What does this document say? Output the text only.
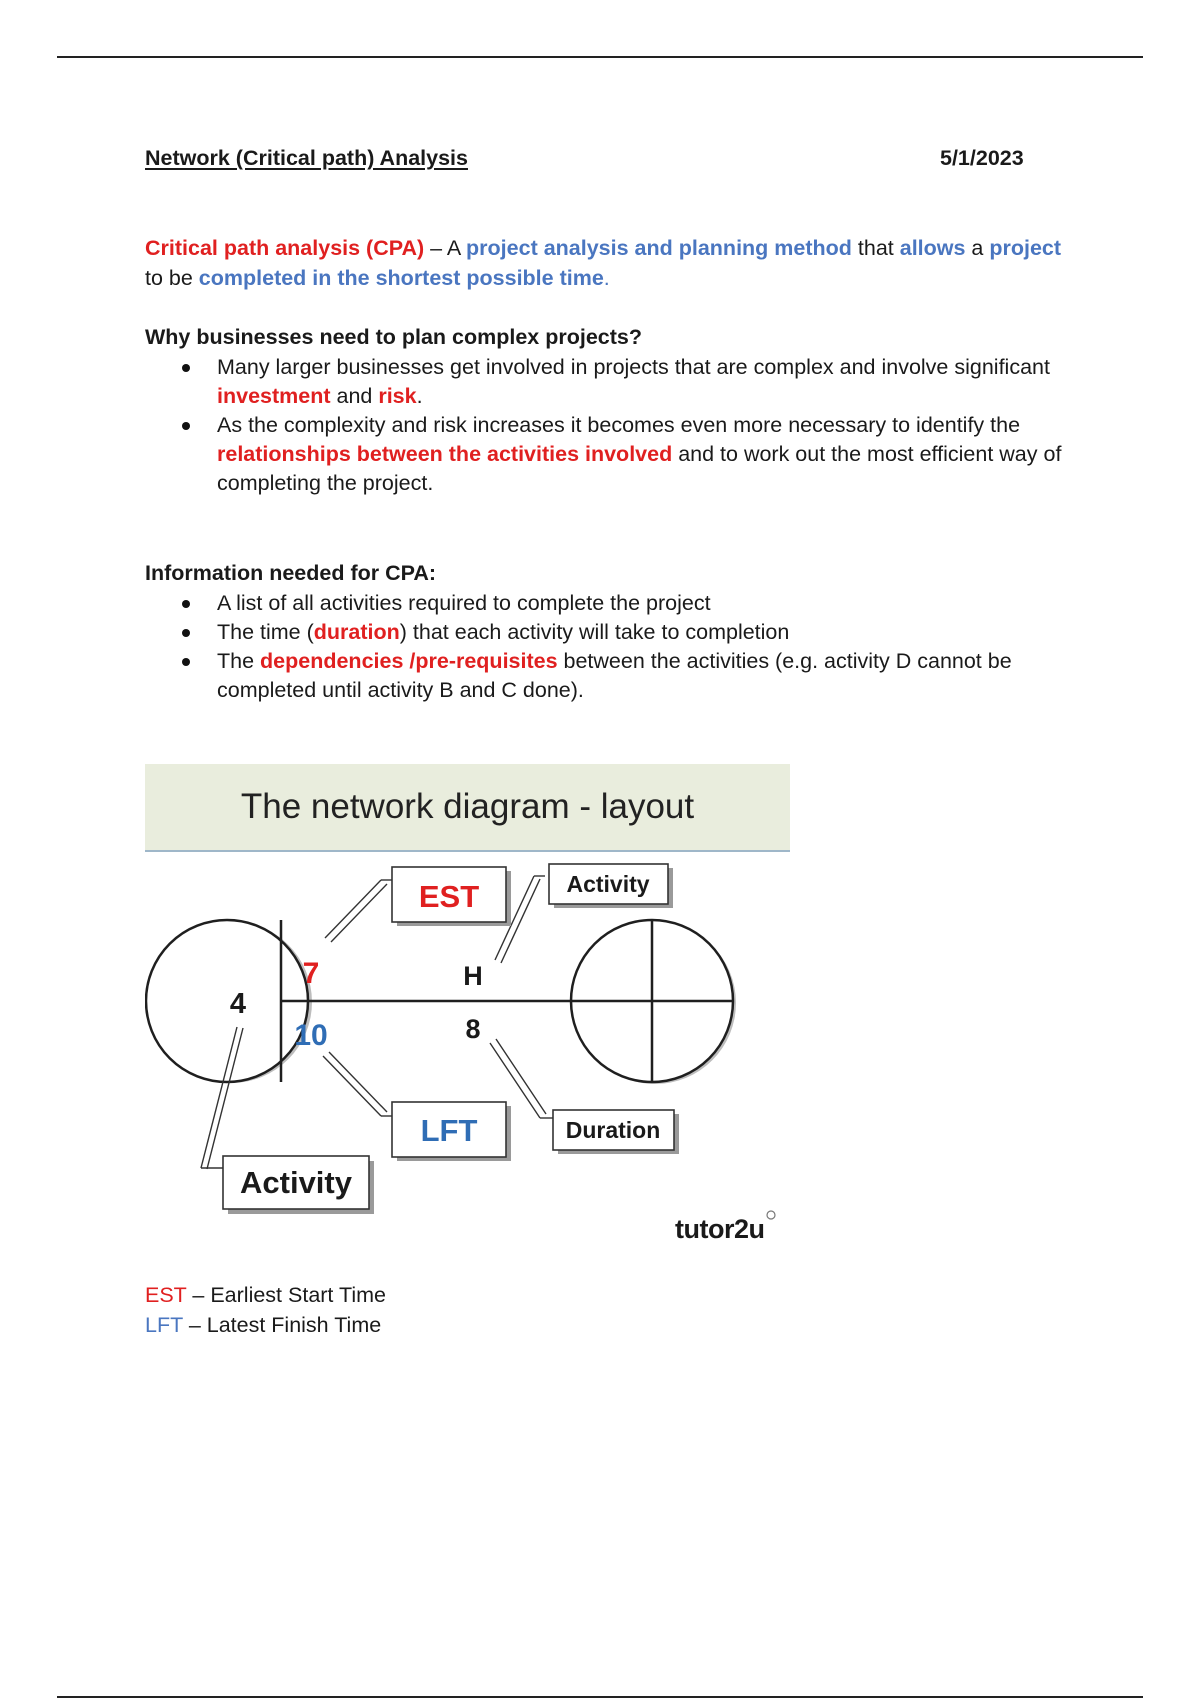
Network (Critical path) Analysis	5/1/2023
Critical path analysis (CPA) – A project analysis and planning method that allows a project to be completed in the shortest possible time.
Why businesses need to plan complex projects?
Many larger businesses get involved in projects that are complex and involve significant investment and risk.
As the complexity and risk increases it becomes even more necessary to identify the relationships between the activities involved and to work out the most efficient way of completing the project.
Information needed for CPA:
A list of all activities required to complete the project
The time (duration) that each activity will take to completion
The dependencies /pre-requisites between the activities (e.g. activity D cannot be completed until activity B and C done).
The network diagram - layout
4
7
10
H
8
EST	Activity
LFT	Duration
Activity
tutor2u
EST – Earliest Start Time
LFT – Latest Finish Time
